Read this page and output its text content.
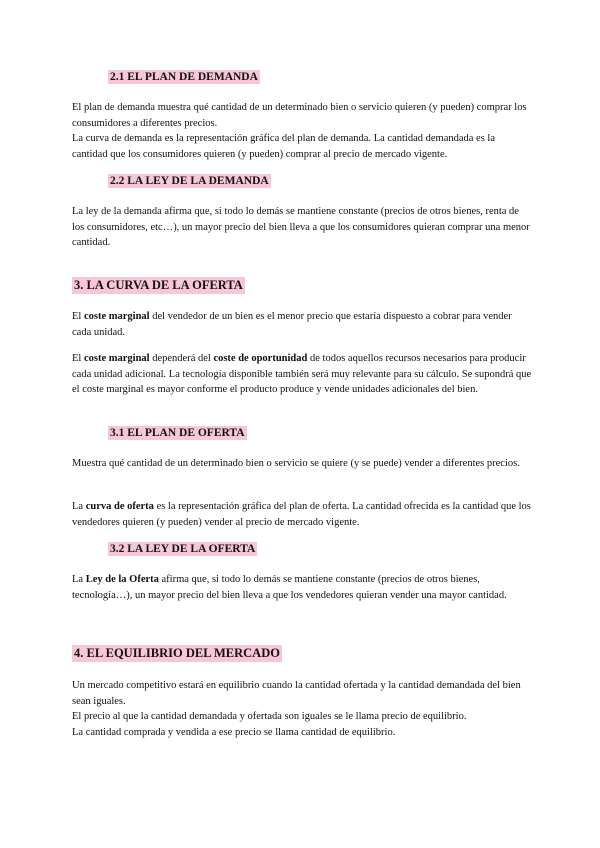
2.1 EL PLAN DE DEMANDA
El plan de demanda muestra qué cantidad de un determinado bien o servicio quieren (y pueden) comprar los consumidores a diferentes precios.
La curva de demanda es la representación gráfica del plan de demanda. La cantidad demandada es la cantidad que los consumidores quieren (y pueden) comprar al precio de mercado vigente.
2.2 LA LEY DE LA DEMANDA
La ley de la demanda afirma que, si todo lo demás se mantiene constante (precios de otros bienes, renta de los consumidores, etc…), un mayor precio del bien lleva a que los consumidores quieran comprar una menor cantidad.
3. LA CURVA DE LA OFERTA
El coste marginal del vendedor de un bien es el menor precio que estaría dispuesto a cobrar para vender cada unidad.
El coste marginal dependerá del coste de oportunidad de todos aquellos recursos necesarios para producir cada unidad adicional. La tecnología disponible también será muy relevante para su cálculo. Se supondrá que el coste marginal es mayor conforme el producto produce y vende unidades adicionales del bien.
3.1 EL PLAN DE OFERTA
Muestra qué cantidad de un determinado bien o servicio se quiere (y se puede) vender a diferentes precios.
La curva de oferta es la representación gráfica del plan de oferta. La cantidad ofrecida es la cantidad que los vendedores quieren (y pueden) vender al precio de mercado vigente.
3.2 LA LEY DE LA OFERTA
La Ley de la Oferta afirma que, si todo lo demás se mantiene constante (precios de otros bienes, tecnología…), un mayor precio del bien lleva a que los vendedores quieran vender una mayor cantidad.
4. EL EQUILIBRIO DEL MERCADO
Un mercado competitivo estará en equilibrio cuando la cantidad ofertada y la cantidad demandada del bien sean iguales.
El precio al que la cantidad demandada y ofertada son iguales se le llama precio de equilibrio.
La cantidad comprada y vendida a ese precio se llama cantidad de equilibrio.
